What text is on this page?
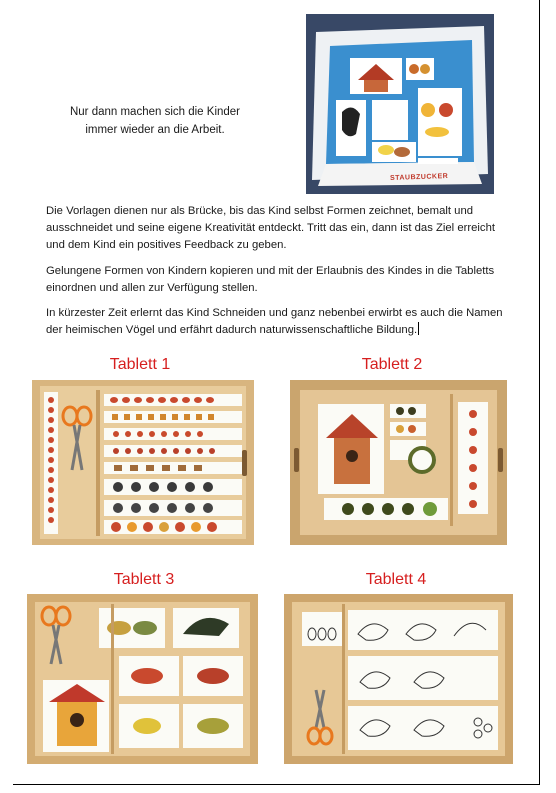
Nur dann machen sich die Kinder
immer wieder an die Arbeit.
STAUBZUCKER

Die Vorlagen dienen nur als Brücke, bis das Kind selbst Formen zeichnet, bemalt und ausschneidet und seine eigene Kreativität entdeckt. Tritt das ein, dann ist das Ziel erreicht und dem Kind ein positives Feedback zu geben.

Gelungene Formen von Kindern kopieren und mit der Erlaubnis des Kindes in die Tabletts einordnen und allen zur Verfügung stellen.

In kürzester Zeit erlernt das Kind Schneiden und ganz nebenbei erwirbt es auch die Namen der heimischen Vögel und erfährt dadurch naturwissenschaftliche Bildung.

Tablett 1	Tablett 2
Tablett 3	Tablett 4
